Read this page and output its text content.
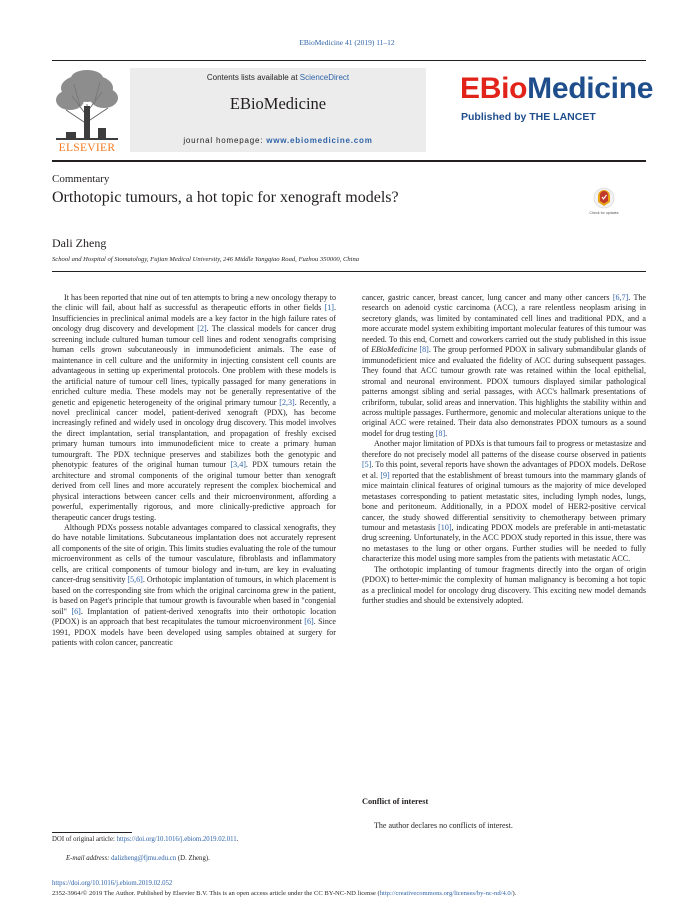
EBioMedicine 41 (2019) 11–12
ELSEVIER
Contents lists available at ScienceDirect
EBioMedicine
journal homepage: www.ebiomedicine.com
EBioMedicine
Published by THE LANCET
Commentary
Orthotopic tumours, a hot topic for xenograft models?
Check for updates
Dali Zheng
School and Hospital of Stomatology, Fujian Medical University, 246 Middle Yangqiao Road, Fuzhou 350000, China

It has been reported that nine out of ten attempts to bring a new oncology therapy to the clinic will fail, about half as successful as therapeutic efforts in other fields [1]. Insufficiencies in preclinical animal models are a key factor in the high failure rates of oncology drug discovery and development [2]. The classical models for cancer drug screening include cultured human tumour cell lines and rodent xenografts comprising human cells grown subcutaneously in immunodeficient animals. The ease of maintenance in cell culture and the uniformity in injecting consistent cell counts are advantageous in setting up experimental protocols. One problem with these models is the artificial nature of tumour cell lines, typically passaged for many generations in enriched culture media. These models may not be generally representative of the genetic and epigenetic heterogeneity of the original primary tumour [2,3]. Recently, a novel preclinical cancer model, patient-derived xenograft (PDX), has become increasingly refined and widely used in oncology drug discovery. This model involves the direct implantation, serial transplantation, and propagation of freshly excised primary human tumours into immunodeficient mice to create a primary human tumourgraft. The PDX technique preserves and stabilizes both the genotypic and phenotypic features of the original human tumour [3,4]. PDX tumours retain the architecture and stromal components of the original tumour better than xenograft derived from cell lines and more accurately represent the complex biochemical and physical interactions between cancer cells and their microenvironment, affording a powerful, experimentally rigorous, and more clinically-predictive approach for therapeutic cancer drugs testing.

Although PDXs possess notable advantages compared to classical xenografts, they do have notable limitations. Subcutaneous implantation does not accurately represent all components of the site of origin. This limits studies evaluating the role of the tumour microenvironment as cells of the tumour vasculature, fibroblasts and inflammatory cells, are critical components of tumour biology and in-turn, are key in evaluating cancer-drug sensitivity [5,6]. Orthotopic implantation of tumours, in which placement is based on the corresponding site from which the original carcinoma grew in the patient, is based on Paget's principle that tumour growth is favourable when based in "congenial soil" [6]. Implantation of patient-derived xenografts into their orthotopic location (PDOX) is an approach that best recapitulates the tumour microenvironment [6]. Since 1991, PDOX models have been developed using samples obtained at surgery for patients with colon cancer, pancreatic

cancer, gastric cancer, breast cancer, lung cancer and many other cancers [6,7]. The research on adenoid cystic carcinoma (ACC), a rare relentless neoplasm arising in secretory glands, was limited by contaminated cell lines and traditional PDX, and a more accurate model system exhibiting important molecular features of this tumour was needed. To this end, Cornett and coworkers carried out the study published in this issue of EBioMedicine [8]. The group performed PDOX in salivary submandibular glands of immunodeficient mice and evaluated the fidelity of ACC during subsequent passages. They found that ACC tumour growth rate was retained within the local epithelial, stromal and neuronal environment. PDOX tumours displayed similar pathological patterns amongst sibling and serial passages, with ACC's hallmark presentations of cribriform, tubular, solid areas and innervation. This highlights the stability within and across multiple passages. Furthermore, genomic and molecular alterations unique to the original ACC were retained. Their data also demonstrates PDOX tumours as a sound model for drug testing [8].

Another major limitation of PDXs is that tumours fail to progress or metastasize and therefore do not precisely model all patterns of the disease course observed in patients [5]. To this point, several reports have shown the advantages of PDOX models. DeRose et al. [9] reported that the establishment of breast tumours into the mammary glands of mice maintain clinical features of original tumours as the majority of mice developed metastases corresponding to patient metastatic sites, including lymph nodes, lungs, bone and peritoneum. Additionally, in a PDOX model of HER2-positive cervical cancer, the study showed differential sensitivity to chemotherapy between primary tumour and metastasis [10], indicating PDOX models are preferable in anti-metastatic drug screening. Unfortunately, in the ACC PDOX study reported in this issue, there was no metastases to the lung or other organs. Further studies will be needed to fully characterize this model using more samples from the patients with metastatic ACC.

The orthotopic implanting of tumour fragments directly into the organ of origin (PDOX) to better-mimic the complexity of human malignancy is becoming a hot topic as a preclinical model for oncology drug discovery. This exciting new model demands further studies and should be extensively adopted.

Conflict of interest
The author declares no conflicts of interest.
DOI of original article: https://doi.org/10.1016/j.ebiom.2019.02.011.
E-mail address: dalizheng@fjmu.edu.cn (D. Zheng).
https://doi.org/10.1016/j.ebiom.2019.02.052
2352-3964/© 2019 The Author. Published by Elsevier B.V. This is an open access article under the CC BY-NC-ND license (http://creativecommons.org/licenses/by-nc-nd/4.0/).
